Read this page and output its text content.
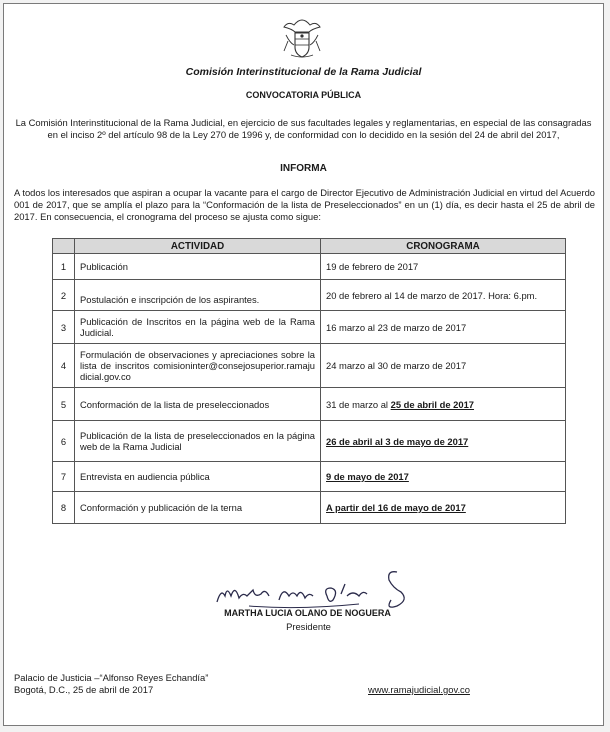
Comisión Interinstitucional de la Rama Judicial
CONVOCATORIA PÚBLICA
La Comisión Interinstitucional de la Rama Judicial, en ejercicio de sus facultades legales y reglamentarias, en especial de las consagradas en el inciso 2º del artículo 98 de la Ley 270 de 1996 y, de conformidad con lo decidido en la sesión del 24 de abril del 2017,
INFORMA
A todos los interesados que aspiran a ocupar la vacante para el cargo de Director Ejecutivo de Administración Judicial en virtud del Acuerdo 001 de 2017, que se amplía el plazo para la “Conformación de la lista de Preseleccionados” en un (1) día, es decir hasta el 25 de abril de 2017. En consecuencia, el cronograma del proceso se ajusta como sigue:
	ACTIVIDAD	CRONOGRAMA
1	Publicación	19 de febrero de 2017
2	Postulación e inscripción de los aspirantes.	20 de febrero al 14 de marzo de 2017. Hora: 6.pm.
3	Publicación de Inscritos en la página web de la Rama Judicial.	16 marzo al 23 de marzo de 2017
4	Formulación de observaciones y apreciaciones sobre la lista de inscritos comisioninter@consejosuperior.ramajudicial.gov.co	24 marzo al 30 de marzo de 2017
5	Conformación de la lista de preseleccionados	31 de marzo al 25 de abril de 2017
6	Publicación de la lista de preseleccionados en la página web de la Rama Judicial	26 de abril al 3 de mayo de 2017
7	Entrevista en audiencia pública	9 de mayo de 2017
8	Conformación y publicación de la terna	A partir del 16 de mayo de 2017
MARTHA LUCIA OLANO DE NOGUERA
Presidente
Palacio de Justicia –“Alfonso Reyes Echandía”
Bogotá, D.C., 25 de abril de 2017	www.ramajudicial.gov.co
